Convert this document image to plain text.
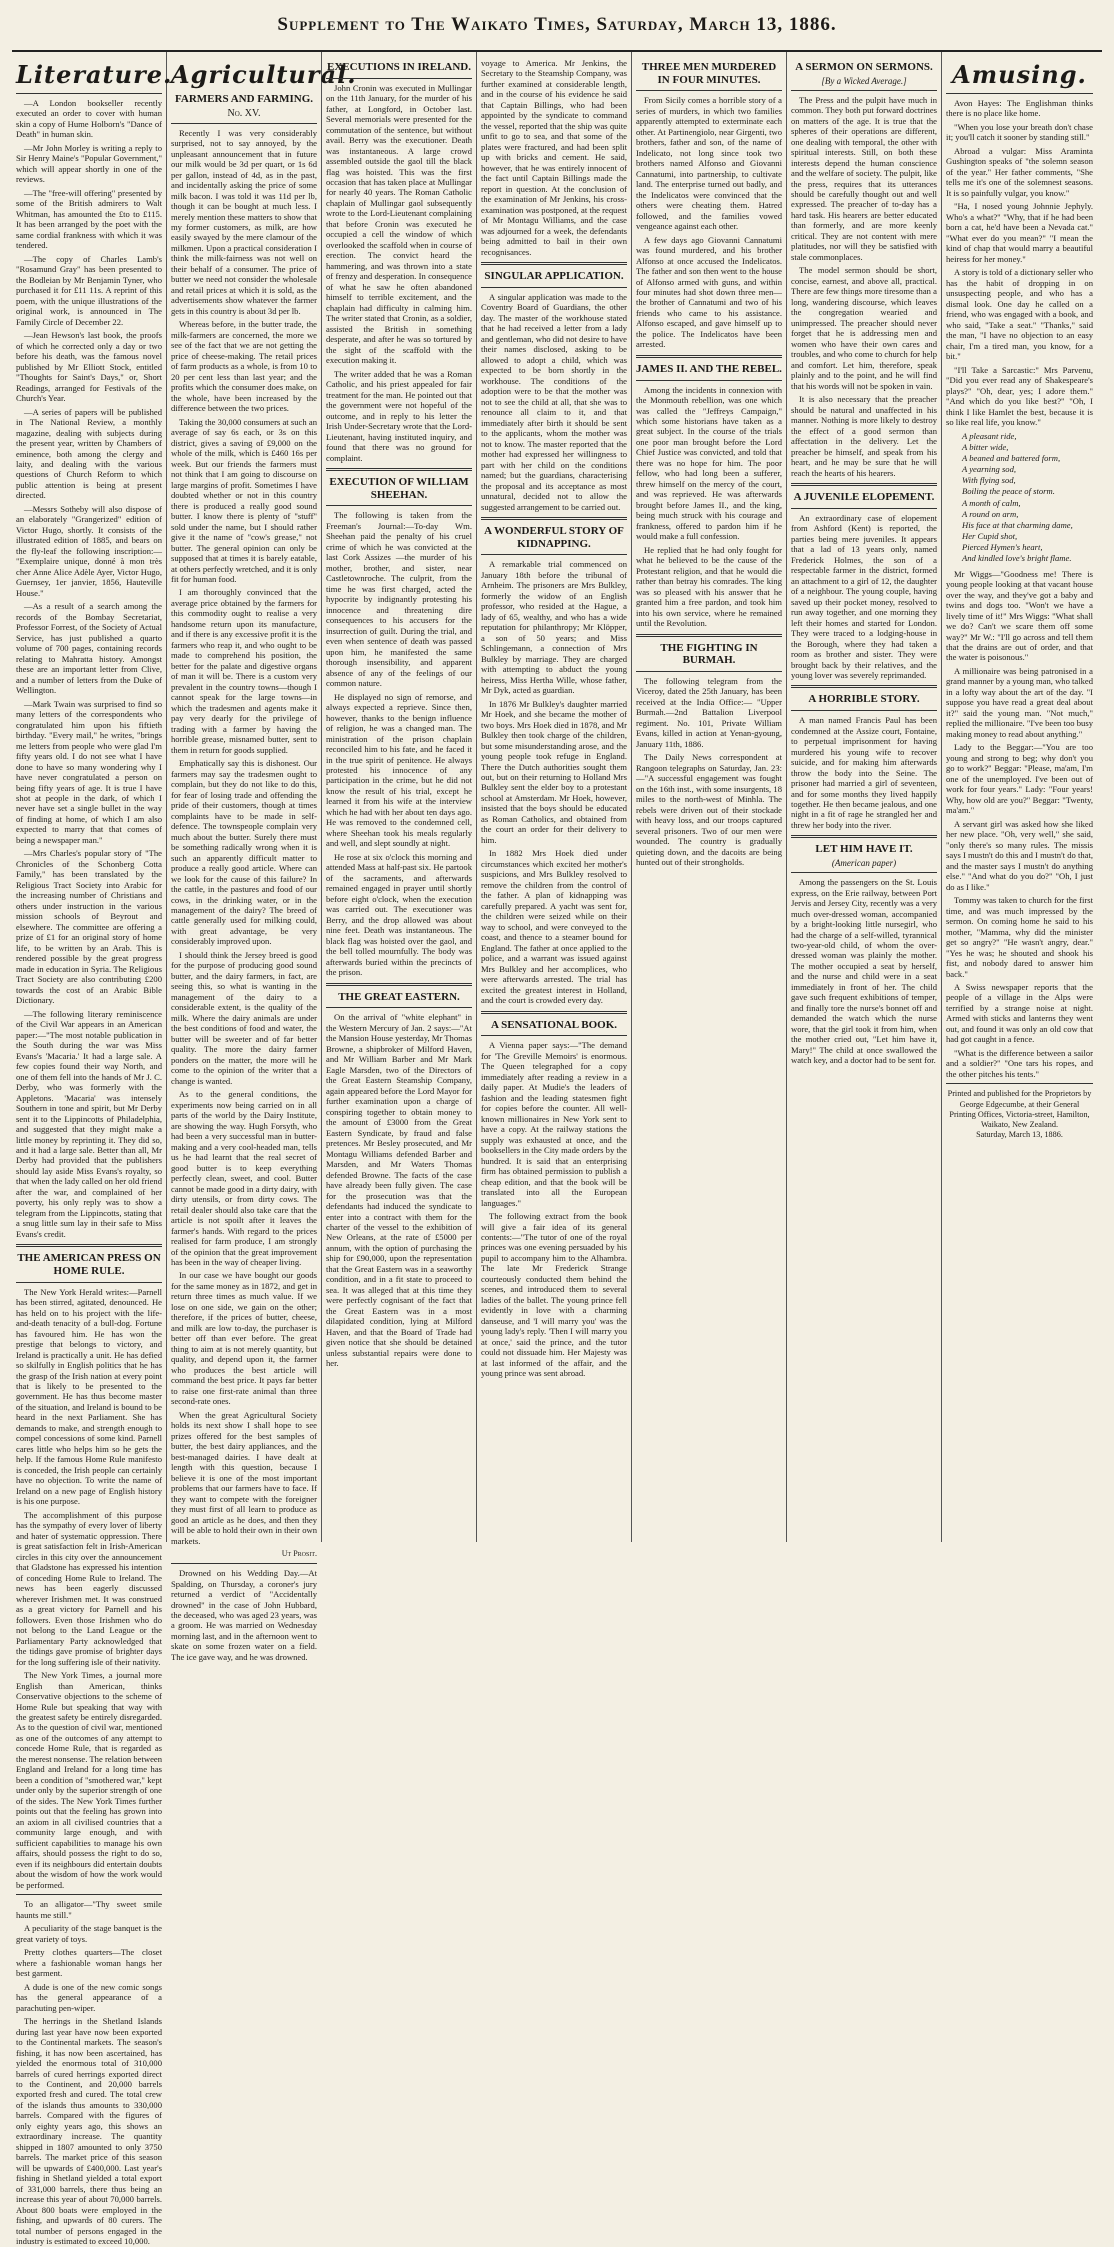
Supplement to The Waikato Times, Saturday, March 13, 1886.
Literature.

—A London bookseller recently executed an order to cover with human skin a copy of Hume Holborn's "Dance of Death" in human skin.

—Mr John Morley is writing a reply to Sir Henry Maine's "Popular Government," which will appear shortly in one of the reviews.

—The "free-will offering" presented by some of the British admirers to Walt Whitman, has amounted the £to to £115. It has been arranged by the poet with the same cordial frankness with which it was tendered.

—The copy of Charles Lamb's "Rosamund Gray" has been presented to the Bodleian by Mr Benjamin Tyner, who purchased it for £11 11s. A reprint of this poem, with the unique illustrations of the original work, is announced in The Family Circle of December 22.

—Jean Hewson's last book, the proofs of which he corrected only a day or two before his death, was the famous novel published by Mr Elliott Stock, entitled "Thoughts for Saint's Days," or, Short Readings, arranged for Festivals of the Church's Year.

—A series of papers will be published in The National Review, a monthly magazine, dealing with subjects during the present year, written by Chambers of eminence, both among the clergy and laity, and dealing with the various questions of Church Reform to which public attention is being at present directed.

—Messrs Sotheby will also dispose of an elaborately "Grangerized" edition of Victor Hugo, shortly. It consists of the illustrated edition of 1885, and bears on the fly-leaf the following inscription:— "Exemplaire unique, donné à mon très cher Anne Alice Adèle Ayer, Victor Hugo, Guernsey, 1er janvier, 1856, Hauteville House."

—As a result of a search among the records of the Bombay Secretariat, Professor Forrest, of the Society of Actual Service, has just published a quarto volume of 700 pages, containing records relating to Mahratta history. Amongst these are an important letter from Clive, and a number of letters from the Duke of Wellington.

—Mark Twain was surprised to find so many letters of the correspondents who congratulated him upon his fiftieth birthday. "Every mail," he writes, "brings me letters from people who were glad I'm fifty years old. I do not see what I have done to have so many wondering why I have never congratulated a person on being fifty years of age. It is true I have shot at people in the dark, of which I never have set a single bullet in the way of finding at home, of which I am also expected to marry that that comes of being a newspaper man."

—Mrs Charles's popular story of "The Chronicles of the Schonberg Cotta Family," has been translated by the Religious Tract Society into Arabic for the increasing number of Christians and others under instruction in the various mission schools of Beyrout and elsewhere. The committee are offering a prize of £1 for an original story of home life, to be written by an Arab. This is rendered possible by the great progress made in education in Syria. The Religious Tract Society are also contributing £200 towards the cost of an Arabic Bible Dictionary.

—The following literary reminiscence of the Civil War appears in an American paper:—"The most notable publication in the South during the war was Miss Evans's 'Macaria.' It had a large sale. A few copies found their way North, and one of them fell into the hands of Mr J. C. Derby, who was formerly with the Appletons. 'Macaria' was intensely Southern in tone and spirit, but Mr Derby sent it to the Lippincotts of Philadelphia, and suggested that they might make a little money by reprinting it. They did so, and it had a large sale. Better than all, Mr Derby had provided that the publishers should lay aside Miss Evans's royalty, so that when the lady called on her old friend after the war, and complained of her poverty, his only reply was to show a telegram from the Lippincotts, stating that a snug little sum lay in their safe to Miss Evans's credit.

THE AMERICAN PRESS ON HOME RULE.

The New York Herald writes:—Parnell has been stirred, agitated, denounced. He has held on to his project with the life-and-death tenacity of a bull-dog. Fortune has favoured him. He has won the prestige that belongs to victory, and Ireland is practically a unit. He has defied so skilfully in English politics that he has the grasp of the Irish nation at every point that is likely to be presented to the government. He has thus become master of the situation, and Ireland is bound to be heard in the next Parliament. She has demands to make, and strength enough to compel concessions of some kind. Parnell cares little who helps him so he gets the help. If the famous Home Rule manifesto is conceded, the Irish people can certainly have no objection. To write the name of Ireland on a new page of English history is his one purpose.

The accomplishment of this purpose has the sympathy of every lover of liberty and hater of systematic oppression. There is great satisfaction felt in Irish-American circles in this city over the announcement that Gladstone has expressed his intention of conceding Home Rule to Ireland. The news has been eagerly discussed wherever Irishmen met. It was construed as a great victory for Parnell and his followers. Even those Irishmen who do not belong to the Land League or the Parliamentary Party acknowledged that the tidings gave promise of brighter days for the long suffering isle of their nativity.

The New York Times, a journal more English than American, thinks Conservative objections to the scheme of Home Rule but speaking that way with the greatest safety be entirely disregarded. As to the question of civil war, mentioned as one of the outcomes of any attempt to concede Home Rule, that is regarded as the merest nonsense. The relation between England and Ireland for a long time has been a condition of "smothered war," kept under only by the superior strength of one of the sides. The New York Times further points out that the feeling has grown into an axiom in all civilised countries that a community large enough, and with sufficient capabilities to manage his own affairs, should possess the right to do so, even if its neighbours did entertain doubts about the wisdom of how the work would be performed.

To an alligator—"Thy sweet smile haunts me still."

A peculiarity of the stage banquet is the great variety of toys.

Pretty clothes quarters—The closet where a fashionable woman hangs her best garment.

A dude is one of the new comic songs has the general appearance of a parachuting pen-wiper.

The herrings in the Shetland Islands during last year have now been exported to the Continental markets. The season's fishing, it has now been ascertained, has yielded the enormous total of 310,000 barrels of cured herrings exported direct to the Continent, and 20,000 barrels exported fresh and cured. The total crew of the islands thus amounts to 330,000 barrels. Compared with the figures of only eighty years ago, this shows an extraordinary increase. The quantity shipped in 1807 amounted to only 3750 barrels. The market price of this season will be upwards of £400,000. Last year's fishing in Shetland yielded a total export of 331,000 barrels, there thus being an increase this year of about 70,000 barrels. About 800 boats were employed in the fishing, and upwards of 80 curers. The total number of persons engaged in the industry is estimated to exceed 10,000.

Agricultural.
FARMERS AND FARMING.
No. XV.

Recently I was very considerably surprised, not to say annoyed, by the unpleasant announcement that in future our milk would be 3d per quart, or 1s 6d per gallon, instead of 4d, as in the past, and incidentally asking the price of some milk bacon. I was told it was 11d per lb, though it can be bought at much less. I merely mention these matters to show that my former customers, as milk, are how easily swayed by the mere clamour of the milkmen. Upon a practical consideration I think the milk-fairness was not well on their behalf of a consumer. The price of butter we need not consider the wholesale and retail prices at which it is sold, as the advertisements show whatever the farmer gets in this country is about 3d per lb.

Whereas before, in the butter trade, the milk-farmers are concerned, the more we see of the fact that we are not getting the price of cheese-making. The retail prices of farm products as a whole, is from 10 to 20 per cent less than last year; and the profits which the consumer does make, on the whole, have been increased by the difference between the two prices.

Taking the 30,000 consumers at such an average of say 6s each, or 3s on this district, gives a saving of £9,000 on the whole of the milk, which is £460 16s per week. But our friends the farmers must not think that I am going to discourse on large margins of profit. Sometimes I have doubted whether or not in this country there is produced a really good sound butter. I know there is plenty of "stuff" sold under the name, but I should rather give it the name of "cow's grease," not butter. The general opinion can only be supposed that at times it is barely eatable, at others perfectly wretched, and it is only fit for human food.

I am thoroughly convinced that the average price obtained by the farmers for this commodity ought to realise a very handsome return upon its manufacture, and if there is any excessive profit it is the farmers who reap it, and who ought to be made to comprehend his position, the better for the palate and digestive organs of man it will be. There is a custom very prevalent in the country towns—though I cannot speak for the large towns—in which the tradesmen and agents make it pay very dearly for the privilege of trading with a farmer by having the horrible grease, misnamed butter, sent to them in return for goods supplied.

Emphatically say this is dishonest. Our farmers may say the tradesmen ought to complain, but they do not like to do this, for fear of losing trade and offending the pride of their customers, though at times complaints have to be made in self-defence. The townspeople complain very much about the butter. Surely there must be something radically wrong when it is such an apparently difficult matter to produce a really good article. Where can we look for the cause of this failure? In the cattle, in the pastures and food of our cows, in the drinking water, or in the management of the dairy? The breed of cattle generally used for milking could, with great advantage, be very considerably improved upon.

I should think the Jersey breed is good for the purpose of producing good sound butter, and the dairy farmers, in fact, are seeing this, so what is wanting in the management of the dairy to a considerable extent, is the quality of the milk. Where the dairy animals are under the best conditions of food and water, the butter will be sweeter and of far better quality. The more the dairy farmer ponders on the matter, the more will he come to the opinion of the writer that a change is wanted.

As to the general conditions, the experiments now being carried on in all parts of the world by the Dairy Institute, are showing the way. Hugh Forsyth, who had been a very successful man in butter-making and a very cool-headed man, tells us he had learnt that the real secret of good butter is to keep everything perfectly clean, sweet, and cool. Butter cannot be made good in a dirty dairy, with dirty utensils, or from dirty cows. The retail dealer should also take care that the article is not spoilt after it leaves the farmer's hands. With regard to the prices realised for farm produce, I am strongly of the opinion that the great improvement has been in the way of cheaper living.

In our case we have bought our goods for the same money as in 1872, and get in return three times as much value. If we lose on one side, we gain on the other; therefore, if the prices of butter, cheese, and milk are low to-day, the purchaser is better off than ever before. The great thing to aim at is not merely quantity, but quality, and depend upon it, the farmer who produces the best article will command the best price. It pays far better to raise one first-rate animal than three second-rate ones.

When the great Agricultural Society holds its next show I shall hope to see prizes offered for the best samples of butter, the best dairy appliances, and the best-managed dairies. I have dealt at length with this question, because I believe it is one of the most important problems that our farmers have to face. If they want to compete with the foreigner they must first of all learn to produce as good an article as he does, and then they will be able to hold their own in their own markets.

Ut Prosit.

Drowned on his Wedding Day.—At Spalding, on Thursday, a coroner's jury returned a verdict of "Accidentally drowned" in the case of John Hubbard, the deceased, who was aged 23 years, was a groom. He was married on Wednesday morning last, and in the afternoon went to skate on some frozen water on a field. The ice gave way, and he was drowned.

EXECUTIONS IN IRELAND.

John Cronin was executed in Mullingar on the 11th January, for the murder of his father, at Longford, in October last. Several memorials were presented for the commutation of the sentence, but without avail. Berry was the executioner. Death was instantaneous. A large crowd assembled outside the gaol till the black flag was hoisted. This was the first occasion that has taken place at Mullingar for nearly 40 years. The Roman Catholic chaplain of Mullingar gaol subsequently wrote to the Lord-Lieutenant complaining that before Cronin was executed he occupied a cell the window of which overlooked the scaffold when in course of erection. The convict heard the hammering, and was thrown into a state of frenzy and desperation. In consequence of what he saw he often abandoned himself to terrible excitement, and the chaplain had difficulty in calming him. The writer stated that Cronin, as a soldier, assisted the British in something desperate, and after he was so tortured by the sight of the scaffold with the execution making it.

The writer added that he was a Roman Catholic, and his priest appealed for fair treatment for the man. He pointed out that the government were not hopeful of the outcome, and in reply to his letter the Irish Under-Secretary wrote that the Lord-Lieutenant, having instituted inquiry, and found that there was no ground for complaint.

EXECUTION OF WILLIAM SHEEHAN.

The following is taken from the Freeman's Journal:—To-day Wm. Sheehan paid the penalty of his cruel crime of which he was convicted at the last Cork Assizes —the murder of his mother, brother, and sister, near Castletownroche. The culprit, from the time he was first charged, acted the hypocrite by indignantly protesting his innocence and threatening dire consequences to his accusers for the insurrection of guilt. During the trial, and even when sentence of death was passed upon him, he manifested the same thorough insensibility, and apparent absence of any of the feelings of our common nature.

He displayed no sign of remorse, and always expected a reprieve. Since then, however, thanks to the benign influence of religion, he was a changed man. The ministration of the prison chaplain reconciled him to his fate, and he faced it in the true spirit of penitence. He always protested his innocence of any participation in the crime, but he did not know the result of his trial, except he learned it from his wife at the interview which he had with her about ten days ago. He was removed to the condemned cell, where Sheehan took his meals regularly and well, and slept soundly at night.

He rose at six o'clock this morning and attended Mass at half-past six. He partook of the sacraments, and afterwards remained engaged in prayer until shortly before eight o'clock, when the execution was carried out. The executioner was Berry, and the drop allowed was about nine feet. Death was instantaneous. The black flag was hoisted over the gaol, and the bell tolled mournfully. The body was afterwards buried within the precincts of the prison.

THE GREAT EASTERN.

On the arrival of "white elephant" in the Western Mercury of Jan. 2 says:—"At the Mansion House yesterday, Mr Thomas Browne, a shipbroker of Milford Haven, and Mr William Barber and Mr Mark Eagle Marsden, two of the Directors of the Great Eastern Steamship Company, again appeared before the Lord Mayor for further examination upon a charge of conspiring together to obtain money to the amount of £3000 from the Great Eastern Syndicate, by fraud and false pretences. Mr Besley prosecuted, and Mr Montagu Williams defended Barber and Marsden, and Mr Waters Thomas defended Browne. The facts of the case have already been fully given. The case for the prosecution was that the defendants had induced the syndicate to enter into a contract with them for the charter of the vessel to the exhibition of New Orleans, at the rate of £5000 per annum, with the option of purchasing the ship for £90,000, upon the representation that the Great Eastern was in a seaworthy condition, and in a fit state to proceed to sea. It was alleged that at this time they were perfectly cognisant of the fact that the Great Eastern was in a most dilapidated condition, lying at Milford Haven, and that the Board of Trade had given notice that she should be detained unless substantial repairs were done to her.

voyage to America. Mr Jenkins, the Secretary to the Steamship Company, was further examined at considerable length, and in the course of his evidence he said that Captain Billings, who had been appointed by the syndicate to command the vessel, reported that the ship was quite unfit to go to sea, and that some of the plates were fractured, and had been split up with bricks and cement. He said, however, that he was entirely innocent of the fact until Captain Billings made the report in question. At the conclusion of the examination of Mr Jenkins, his cross-examination was postponed, at the request of Mr Montagu Williams, and the case was adjourned for a week, the defendants being admitted to bail in their own recognisances.

SINGULAR APPLICATION.

A singular application was made to the Coventry Board of Guardians, the other day. The master of the workhouse stated that he had received a letter from a lady and gentleman, who did not desire to have their names disclosed, asking to be allowed to adopt a child, which was expected to be born shortly in the workhouse. The conditions of the adoption were to be that the mother was not to see the child at all, that she was to renounce all claim to it, and that immediately after birth it should be sent to the applicants, whom the mother was not to know. The master reported that the mother had expressed her willingness to part with her child on the conditions named; but the guardians, characterising the proposal and its acceptance as most unnatural, decided not to allow the suggested arrangement to be carried out.

A WONDERFUL STORY OF KIDNAPPING.

A remarkable trial commenced on January 18th before the tribunal of Arnheim. The prisoners are Mrs Bulkley, formerly the widow of an English professor, who resided at the Hague, a lady of 65, wealthy, and who has a wide reputation for philanthropy; Mr Klöpper, a son of 50 years; and Miss Schlingemann, a connection of Mrs Bulkley by marriage. They are charged with attempting to abduct the young heiress, Miss Hertha Wille, whose father, Mr Dyk, acted as guardian.

In 1876 Mr Bulkley's daughter married Mr Hoek, and she became the mother of two boys. Mrs Hoek died in 1878, and Mr Bulkley then took charge of the children, but some misunderstanding arose, and the young people took refuge in England. There the Dutch authorities sought them out, but on their returning to Holland Mrs Bulkley sent the elder boy to a protestant school at Amsterdam. Mr Hoek, however, insisted that the boys should be educated as Roman Catholics, and obtained from the court an order for their delivery to him.

In 1882 Mrs Hoek died under circumstances which excited her mother's suspicions, and Mrs Bulkley resolved to remove the children from the control of the father. A plan of kidnapping was carefully prepared. A yacht was sent for, the children were seized while on their way to school, and were conveyed to the coast, and thence to a steamer bound for England. The father at once applied to the police, and a warrant was issued against Mrs Bulkley and her accomplices, who were afterwards arrested. The trial has excited the greatest interest in Holland, and the court is crowded every day.

A SENSATIONAL BOOK.

A Vienna paper says:—"The demand for 'The Greville Memoirs' is enormous. The Queen telegraphed for a copy immediately after reading a review in a daily paper. At Mudie's the leaders of fashion and the leading statesmen fight for copies before the counter. All well-known millionaires in New York sent to have a copy. At the railway stations the supply was exhausted at once, and the booksellers in the City made orders by the hundred. It is said that an enterprising firm has obtained permission to publish a cheap edition, and that the book will be translated into all the European languages."

The following extract from the book will give a fair idea of its general contents:—"The tutor of one of the royal princes was one evening persuaded by his pupil to accompany him to the Alhambra. The late Mr Frederick Strange courteously conducted them behind the scenes, and introduced them to several ladies of the ballet. The young prince fell evidently in love with a charming danseuse, and 'I will marry you' was the young lady's reply. 'Then I will marry you at once,' said the prince, and the tutor could not dissuade him. Her Majesty was at last informed of the affair, and the young prince was sent abroad.

THREE MEN MURDERED IN FOUR MINUTES.

From Sicily comes a horrible story of a series of murders, in which two families apparently attempted to exterminate each other. At Partinengiolo, near Girgenti, two brothers, father and son, of the name of Indelicato, not long since took two brothers named Alfonso and Giovanni Cannatumi, into partnership, to cultivate land. The enterprise turned out badly, and the Indelicatos were convinced that the others were cheating them. Hatred followed, and the families vowed vengeance against each other.

A few days ago Giovanni Cannatumi was found murdered, and his brother Alfonso at once accused the Indelicatos. The father and son then went to the house of Alfonso armed with guns, and within four minutes had shot down three men—the brother of Cannatumi and two of his friends who came to his assistance. Alfonso escaped, and gave himself up to the police. The Indelicatos have been arrested.

JAMES II. AND THE REBEL.

Among the incidents in connexion with the Monmouth rebellion, was one which was called the "Jeffreys Campaign," which some historians have taken as a great subject. In the course of the trials one poor man brought before the Lord Chief Justice was convicted, and told that there was no hope for him. The poor fellow, who had long been a sufferer, threw himself on the mercy of the court, and was reprieved. He was afterwards brought before James II., and the king, being much struck with his courage and frankness, offered to pardon him if he would make a full confession.

He replied that he had only fought for what he believed to be the cause of the Protestant religion, and that he would die rather than betray his comrades. The king was so pleased with his answer that he granted him a free pardon, and took him into his own service, where he remained until the Revolution.

THE FIGHTING IN BURMAH.

The following telegram from the Viceroy, dated the 25th January, has been received at the India Office:— "Upper Burmah.—2nd Battalion Liverpool regiment. No. 101, Private William Evans, killed in action at Yenan-gyoung, January 11th, 1886.

The Daily News correspondent at Rangoon telegraphs on Saturday, Jan. 23:—"A successful engagement was fought on the 16th inst., with some insurgents, 18 miles to the north-west of Minhla. The rebels were driven out of their stockade with heavy loss, and our troops captured several prisoners. Two of our men were wounded. The country is gradually quieting down, and the dacoits are being hunted out of their strongholds.

A SERMON ON SERMONS.
[By a Wicked Average.]

The Press and the pulpit have much in common. They both put forward doctrines on matters of the age. It is true that the spheres of their operations are different, one dealing with temporal, the other with spiritual interests. Still, on both these interests depend the human conscience and the welfare of society. The pulpit, like the press, requires that its utterances should be carefully thought out and well expressed. The preacher of to-day has a hard task. His hearers are better educated than formerly, and are more keenly critical. They are not content with mere platitudes, nor will they be satisfied with stale commonplaces.

The model sermon should be short, concise, earnest, and above all, practical. There are few things more tiresome than a long, wandering discourse, which leaves the congregation wearied and unimpressed. The preacher should never forget that he is addressing men and women who have their own cares and troubles, and who come to church for help and comfort. Let him, therefore, speak plainly and to the point, and he will find that his words will not be spoken in vain.

It is also necessary that the preacher should be natural and unaffected in his manner. Nothing is more likely to destroy the effect of a good sermon than affectation in the delivery. Let the preacher be himself, and speak from his heart, and he may be sure that he will reach the hearts of his hearers.

A JUVENILE ELOPEMENT.

An extraordinary case of elopement from Ashford (Kent) is reported, the parties being mere juveniles. It appears that a lad of 13 years only, named Frederick Holmes, the son of a respectable farmer in the district, formed an attachment to a girl of 12, the daughter of a neighbour. The young couple, having saved up their pocket money, resolved to run away together, and one morning they left their homes and started for London. They were traced to a lodging-house in the Borough, where they had taken a room as brother and sister. They were brought back by their relatives, and the young lover was severely reprimanded.

A HORRIBLE STORY.

A man named Francis Paul has been condemned at the Assize court, Fontaine, to perpetual imprisonment for having murdered his young wife to recover suicide, and for making him afterwards throw the body into the Seine. The prisoner had married a girl of seventeen, and for some months they lived happily together. He then became jealous, and one night in a fit of rage he strangled her and threw her body into the river.

LET HIM HAVE IT.
(American paper)

Among the passengers on the St. Louis express, on the Erie railway, between Port Jervis and Jersey City, recently was a very much over-dressed woman, accompanied by a bright-looking little nursegirl, who had the charge of a self-willed, tyrannical two-year-old child, of whom the over-dressed woman was plainly the mother. The mother occupied a seat by herself, and the nurse and child were in a seat immediately in front of her. The child gave such frequent exhibitions of temper, and finally tore the nurse's bonnet off and demanded the watch which the nurse wore, that the girl took it from him, when the mother cried out, "Let him have it, Mary!" The child at once swallowed the watch key, and a doctor had to be sent for.

Amusing.

Avon Hayes: The Englishman thinks there is no place like home.

"When you lose your breath don't chase it; you'll catch it sooner by standing still."

Abroad a vulgar: Miss Araminta Gushington speaks of "the solemn season of the year." Her father comments, "She tells me it's one of the solemnest seasons. It is so painfully vulgar, you know."

"Ha, I nosed young Johnnie Jephyly. Who's a what?" "Why, that if he had been born a cat, he'd have been a Nevada cat." "What ever do you mean?" "I mean the kind of chap that would marry a beautiful heiress for her money."

A story is told of a dictionary seller who has the habit of dropping in on unsuspecting people, and who has a dismal look. One day he called on a friend, who was engaged with a book, and who said, "Take a seat." "Thanks," said the man, "I have no objection to an easy chair, I'm a tired man, you know, for a bit."

"I'll Take a Sarcastic:" Mrs Parvenu, "Did you ever read any of Shakespeare's plays?" "Oh, dear, yes; I adore them." "And which do you like best?" "Oh, I think I like Hamlet the best, because it is so like real life, you know."

A pleasant ride,
A bitter wide,
A beaned and battered form,
A yearning sod,
With flying sod,
Boiling the peace of storm.
A month of calm,
A round on arm,
His face at that charming dame,
Her Cupid shot,
Pierced Hymen's heart,
And kindled love's bright flame.

Mr Wiggs—"Goodness me! There is young people looking at that vacant house over the way, and they've got a baby and twins and dogs too. "Won't we have a lively time of it!" Mrs Wiggs: "What shall we do? Can't we scare them off some way?" Mr W.: "I'll go across and tell them that the drains are out of order, and that the water is poisonous."

A millionaire was being patronised in a grand manner by a young man, who talked in a lofty way about the art of the day. "I suppose you have read a great deal about it?" said the young man. "Not much," replied the millionaire. "I've been too busy making money to read about anything."

Lady to the Beggar:—"You are too young and strong to beg; why don't you go to work?" Beggar: "Please, ma'am, I'm one of the unemployed. I've been out of work for four years." Lady: "Four years! Why, how old are you?" Beggar: "Twenty, ma'am."

A servant girl was asked how she liked her new place. "Oh, very well," she said, "only there's so many rules. The missis says I mustn't do this and I mustn't do that, and the master says I mustn't do anything else." "And what do you do?" "Oh, I just do as I like."

Tommy was taken to church for the first time, and was much impressed by the sermon. On coming home he said to his mother, "Mamma, why did the minister get so angry?" "He wasn't angry, dear." "Yes he was; he shouted and shook his fist, and nobody dared to answer him back."

A Swiss newspaper reports that the people of a village in the Alps were terrified by a strange noise at night. Armed with sticks and lanterns they went out, and found it was only an old cow that had got caught in a fence.

"What is the difference between a sailor and a soldier?" "One tars his ropes, and the other pitches his tents."

Printed and published for the Proprietors by George Edgecumbe, at their General Printing Offices, Victoria-street, Hamilton, Waikato, New Zealand.
Saturday, March 13, 1886.
